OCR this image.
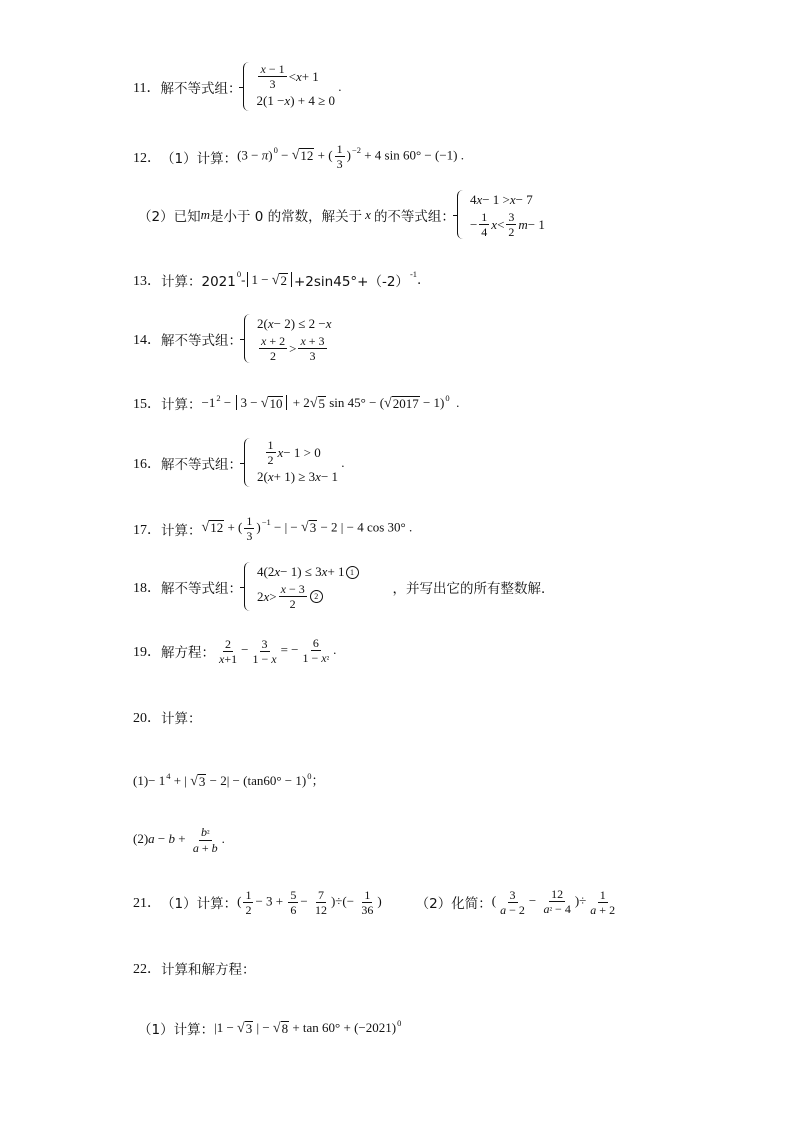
11． 解不等式组： $\frac{x - 1}{3} < x + 1$
2(1 − x ) + 4 ≥ 0
.
12． （1）计算： $(3 - \pi)^0$ − √ 12 + ( $\frac{1}{3} )^{-2} + 4$ sin 60° − (−1) .
（2）已知 m 是小于 0 的常数，解关于 x 的不等式组：
4 x − 1 > x − 7
− $\frac{1}{4}$ $x < \frac{3}{2}$ m − 1
13． 计算：2021 0 - 1 − √ 2 +2sin45°+（-2） -1 .
14． 解不等式组：
2( x − 2) ≤ 2 − x
$\frac{x + 2}{2} > \frac{x + 3}{3}$
15． 计算： $-1^2 - 3$ − √ 10 + 2 √ 5 sin 45° − ( √ 2017 − 1)$^0$  .
16． 解不等式组：
$\frac{1}{2}$ x − 1 > 0
2( x + 1) ≥ 3 x − 1
.
17． 计算： √ 12 + ( $\frac{1}{3} )^{-1}$ − | − √ 3 − 2 | − 4 cos 30° .
18． 解不等式组：
4(2 x − 1) ≤ 3 x + 1 1
2 $x > \frac{x - 3}{2} 2$	，并写出它的所有整数解．
19． 解方程： $\frac{2}{x+1} - \frac{3}{1 - x}$ = − $\frac{6}{\text{1 − x²}}$ .
20． 计算：
$(1)- 1^4$ + | √ $3 - 2| - (\tan 60^\circ - 1)^0$；
$(2)a - b + \frac{\text{b²}}{a + b}$ .
21． （1）计算： ( $\frac{1}{2} - 3 + \frac{5}{6} - \frac{7}{12}$ )÷(− $\frac{1}{36}$ )	（2）化简： ( $\frac{3}{a - 2} - \frac{12}{\text{a² − 4}}$ )÷ $\frac{1}{a + 2}$
22． 计算和解方程：
（1）计算： |1 − √ 3 | − √ $8 + \tan 60^\circ + (-2021)^0$
